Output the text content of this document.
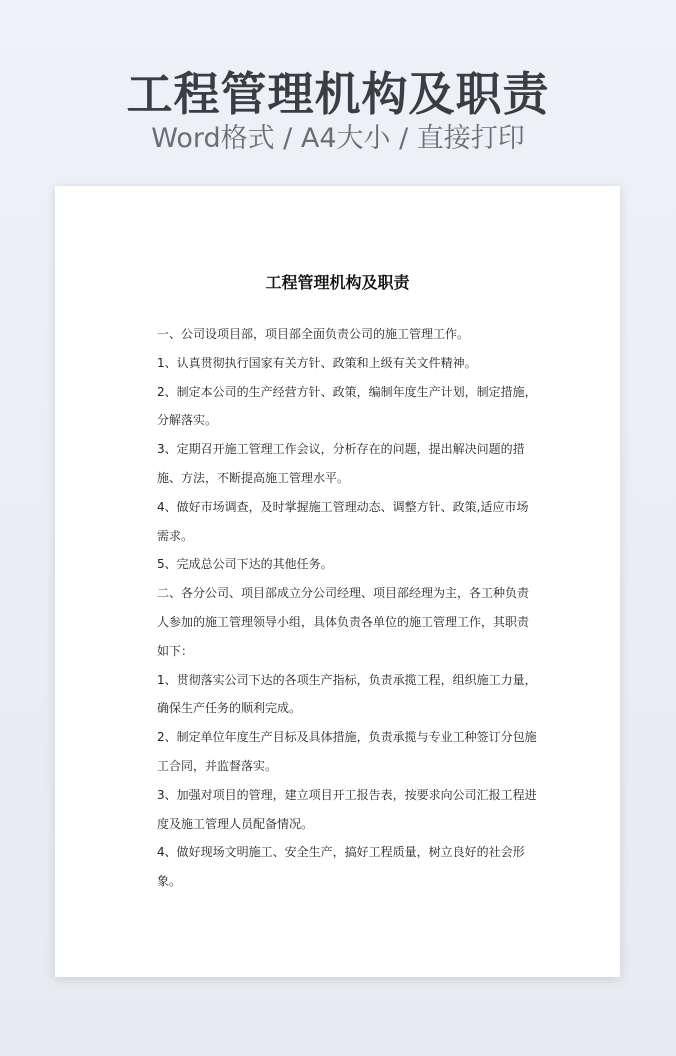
工程管理机构及职责
Word格式 / A4大小 / 直接打印
工程管理机构及职责

一、公司设项目部，项目部全面负责公司的施工管理工作。

1、认真贯彻执行国家有关方针、政策和上级有关文件精神。

2、制定本公司的生产经营方针、政策，编制年度生产计划，制定措施，分解落实。

3、定期召开施工管理工作会议，分析存在的问题，提出解决问题的措施、方法，不断提高施工管理水平。

4、做好市场调查，及时掌握施工管理动态、调整方针、政策,适应市场需求。

5、完成总公司下达的其他任务。

二、各分公司、项目部成立分公司经理、项目部经理为主，各工种负责人参加的施工管理领导小组，具体负责各单位的施工管理工作，其职责如下：

1、贯彻落实公司下达的各项生产指标，负责承揽工程，组织施工力量，确保生产任务的顺利完成。

2、制定单位年度生产目标及具体措施，负责承揽与专业工种签订分包施工合同，并监督落实。

3、加强对项目的管理，建立项目开工报告表，按要求向公司汇报工程进度及施工管理人员配备情况。

4、做好现场文明施工、安全生产，搞好工程质量，树立良好的社会形象。
